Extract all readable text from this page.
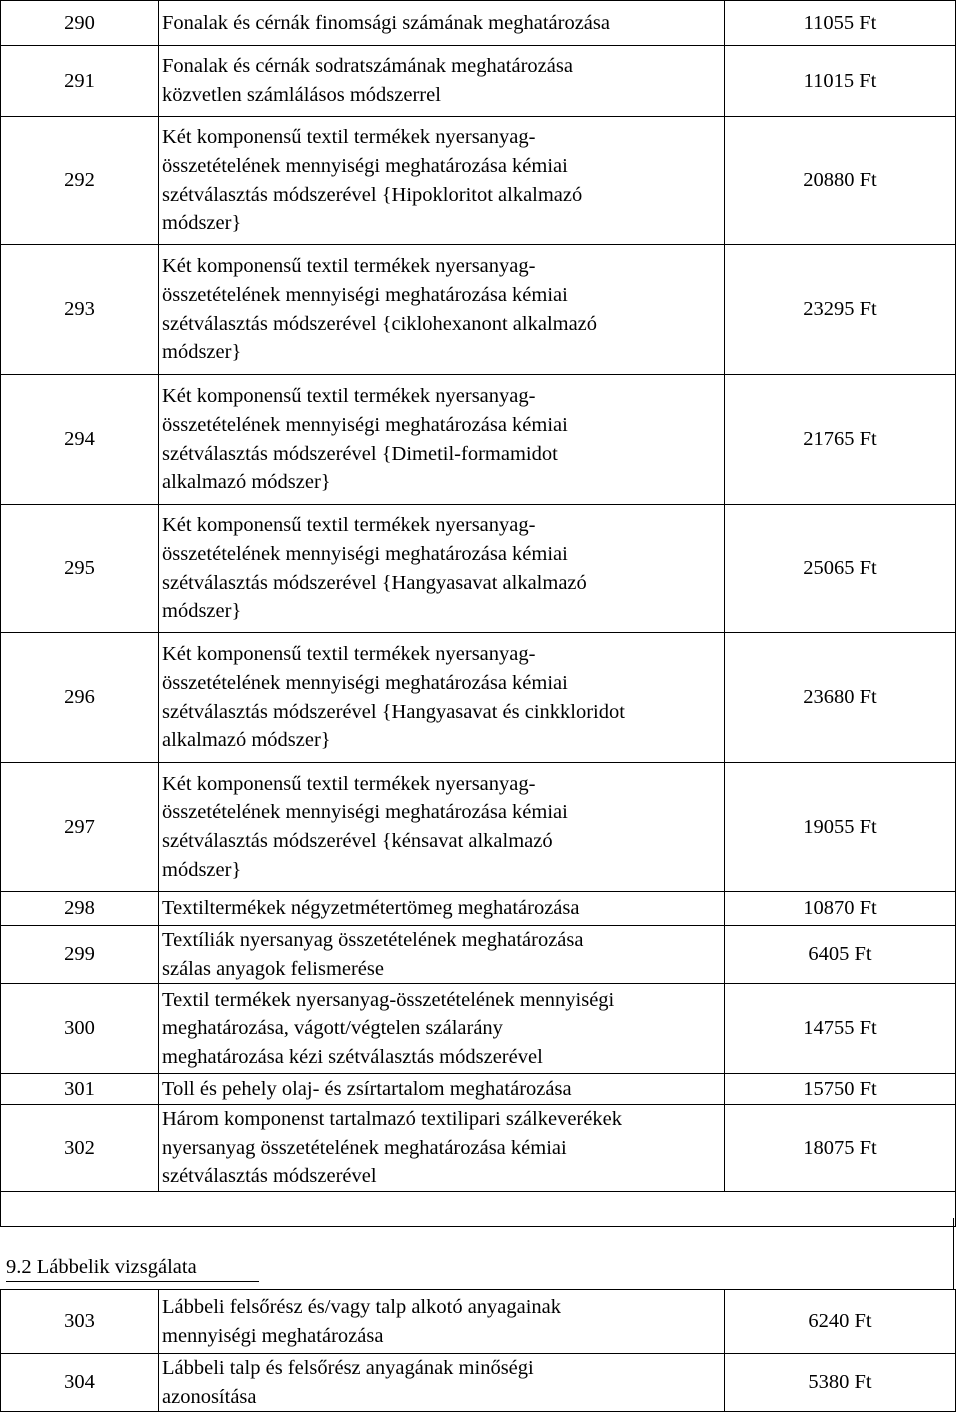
290	Fonalak és cérnák finomsági számának meghatározása	11055 Ft
291	Fonalak és cérnák sodratszámának meghatározása
közvetlen számlálásos módszerrel	11015 Ft
292	Két komponensű textil termékek nyersanyag-
összetételének mennyiségi meghatározása kémiai
szétválasztás módszerével {Hipokloritot alkalmazó
módszer}	20880 Ft
293	Két komponensű textil termékek nyersanyag-
összetételének mennyiségi meghatározása kémiai
szétválasztás módszerével {ciklohexanont alkalmazó
módszer}	23295 Ft
294	Két komponensű textil termékek nyersanyag-
összetételének mennyiségi meghatározása kémiai
szétválasztás módszerével {Dimetil-formamidot
alkalmazó módszer}	21765 Ft
295	Két komponensű textil termékek nyersanyag-
összetételének mennyiségi meghatározása kémiai
szétválasztás módszerével {Hangyasavat alkalmazó
módszer}	25065 Ft
296	Két komponensű textil termékek nyersanyag-
összetételének mennyiségi meghatározása kémiai
szétválasztás módszerével {Hangyasavat és cinkkloridot
alkalmazó módszer}	23680 Ft
297	Két komponensű textil termékek nyersanyag-
összetételének mennyiségi meghatározása kémiai
szétválasztás módszerével {kénsavat alkalmazó
módszer}	19055 Ft
298	Textiltermékek négyzetmétertömeg meghatározása	10870 Ft
299	Textíliák nyersanyag összetételének meghatározása
szálas anyagok felismerése	6405 Ft
300	Textil termékek nyersanyag-összetételének mennyiségi
meghatározása, vágott/végtelen szálarány
meghatározása kézi szétválasztás módszerével	14755 Ft
301	Toll és pehely olaj- és zsírtartalom meghatározása	15750 Ft
302	Három komponenst tartalmazó textilipari szálkeverékek
nyersanyag összetételének meghatározása kémiai
szétválasztás módszerével	18075 Ft

9.2 Lábbelik vizsgálata
303	Lábbeli felsőrész és/vagy talp alkotó anyagainak
mennyiségi meghatározása	6240 Ft
304	Lábbeli talp és felsőrész anyagának minőségi
azonosítása	5380 Ft
